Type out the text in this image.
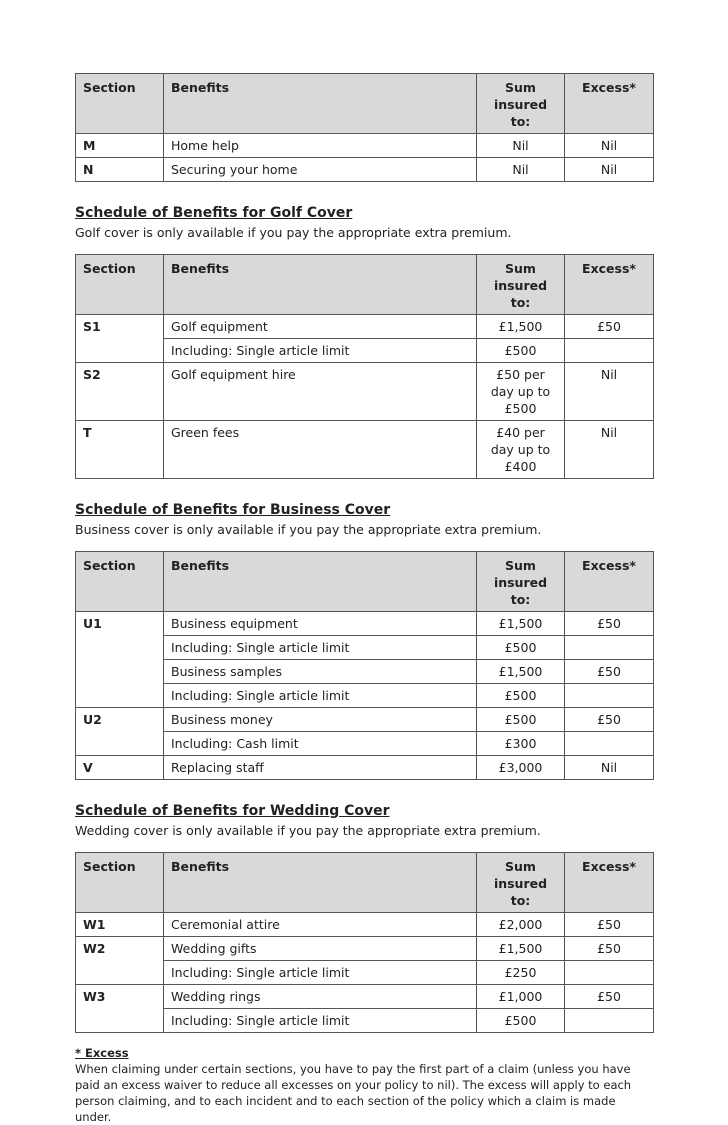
Section	Benefits	Sum insured to:	Excess*
M	Home help	Nil	Nil
N	Securing your home	Nil	Nil

Schedule of Benefits for Golf Cover

Golf cover is only available if you pay the appropriate extra premium.

Section	Benefits	Sum insured to:	Excess*
S1	Golf equipment	£1,500	£50
	Including: Single article limit	£500	
S2	Golf equipment hire	£50 per day up to £500	Nil
T	Green fees	£40 per day up to £400	Nil

Schedule of Benefits for Business Cover

Business cover is only available if you pay the appropriate extra premium.

Section	Benefits	Sum insured to:	Excess*
U1	Business equipment	£1,500	£50
	Including: Single article limit	£500	
	Business samples	£1,500	£50
	Including: Single article limit	£500	
U2	Business money	£500	£50
	Including: Cash limit	£300	
V	Replacing staff	£3,000	Nil

Schedule of Benefits for Wedding Cover

Wedding cover is only available if you pay the appropriate extra premium.

Section	Benefits	Sum insured to:	Excess*
W1	Ceremonial attire	£2,000	£50
W2	Wedding gifts	£1,500	£50
	Including: Single article limit	£250	
W3	Wedding rings	£1,000	£50
	Including: Single article limit	£500	
* Excess
When claiming under certain sections, you have to pay the first part of a claim (unless you have paid an excess waiver to reduce all excesses on your policy to nil). The excess will apply to each person claiming, and to each incident and to each section of the policy which a claim is made under.
